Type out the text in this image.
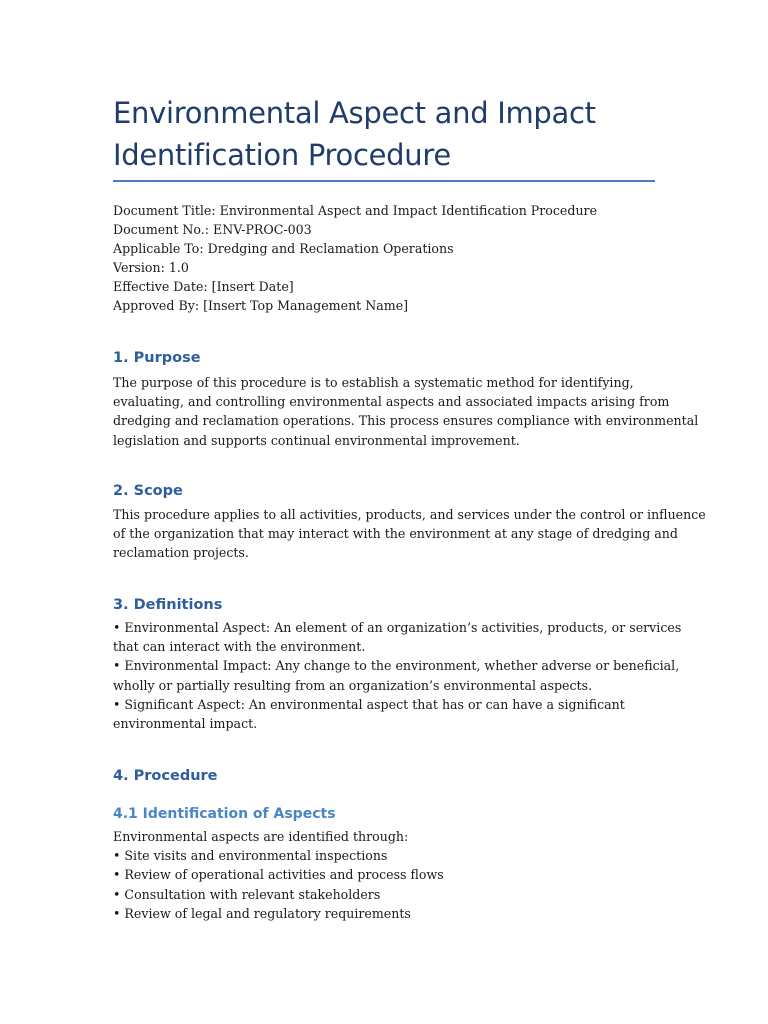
Environmental Aspect and Impact
Identification Procedure
Document Title: Environmental Aspect and Impact Identification Procedure
Document No.: ENV-PROC-003
Applicable To: Dredging and Reclamation Operations
Version: 1.0
Effective Date: [Insert Date]
Approved By: [Insert Top Management Name]
1. Purpose
The purpose of this procedure is to establish a systematic method for identifying,
evaluating, and controlling environmental aspects and associated impacts arising from
dredging and reclamation operations. This process ensures compliance with environmental
legislation and supports continual environmental improvement.
2. Scope
This procedure applies to all activities, products, and services under the control or influence
of the organization that may interact with the environment at any stage of dredging and
reclamation projects.
3. Definitions
• Environmental Aspect: An element of an organization’s activities, products, or services
that can interact with the environment.
• Environmental Impact: Any change to the environment, whether adverse or beneficial,
wholly or partially resulting from an organization’s environmental aspects.
• Significant Aspect: An environmental aspect that has or can have a significant
environmental impact.
4. Procedure
4.1 Identification of Aspects
Environmental aspects are identified through:
• Site visits and environmental inspections
• Review of operational activities and process flows
• Consultation with relevant stakeholders
• Review of legal and regulatory requirements
